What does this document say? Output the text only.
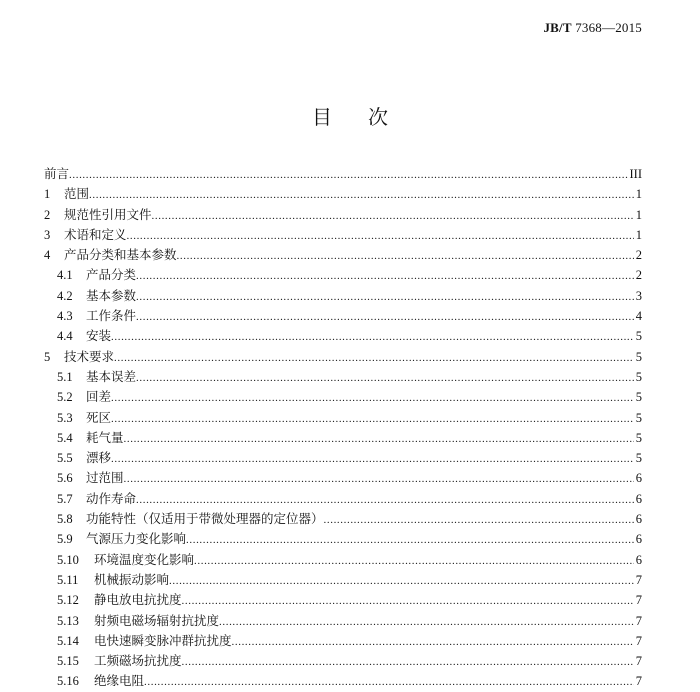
JB/T 7368—2015
目次
前言 .....	III
1	范围 .....	1
2	规范性引用文件 .....	1
3	术语和定义 .....	1
4	产品分类和基本参数 .....	2
4.1	产品分类 .....	2
4.2	基本参数 .....	3
4.3	工作条件 .....	4
4.4	安装 .....	5
5	技术要求 .....	5
5.1	基本误差 .....	5
5.2	回差 .....	5
5.3	死区 .....	5
5.4	耗气量 .....	5
5.5	漂移 .....	5
5.6	过范围 .....	6
5.7	动作寿命 .....	6
5.8	功能特性（仅适用于带微处理器的定位器） .....	6
5.9	气源压力变化影响 .....	6
5.10	环境温度变化影响 .....	6
5.11	机械振动影响 .....	7
5.12	静电放电抗扰度 .....	7
5.13	射频电磁场辐射抗扰度 .....	7
5.14	电快速瞬变脉冲群抗扰度 .....	7
5.15	工频磁场抗扰度 .....	7
5.16	绝缘电阻 .....	7
